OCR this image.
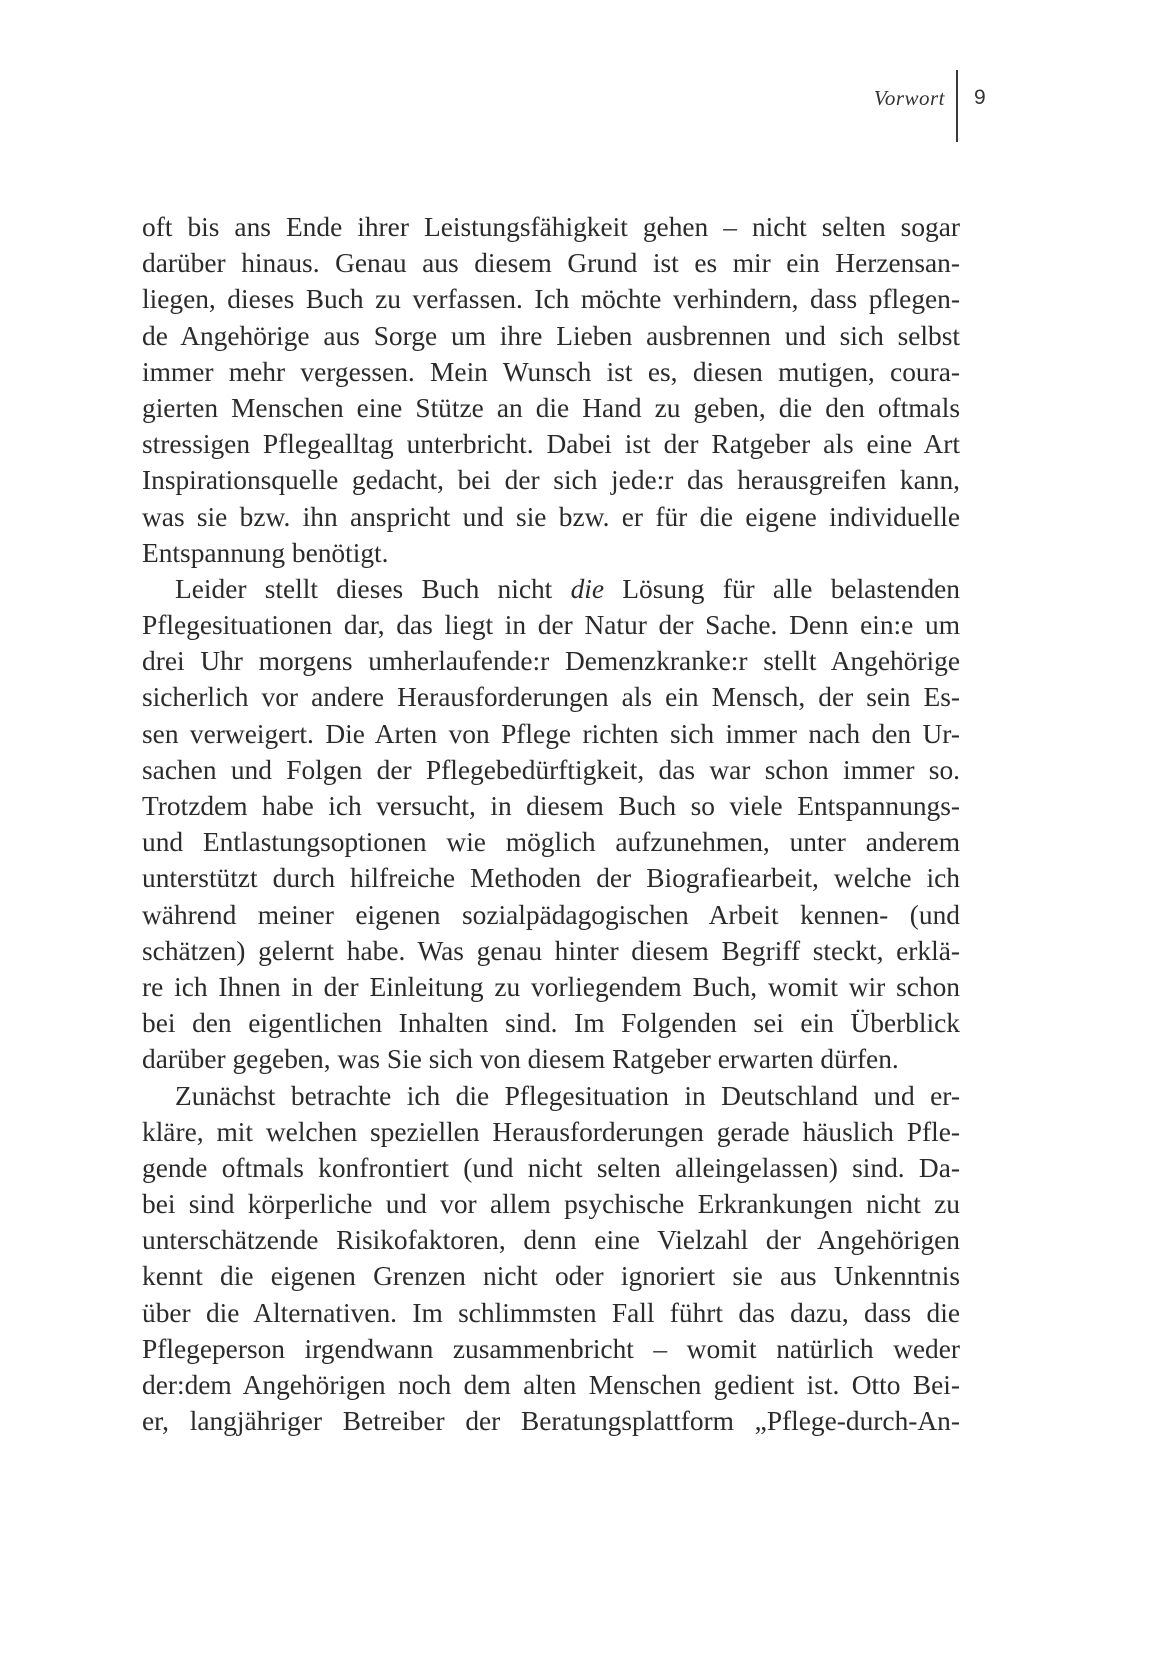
Vorwort 9
oft bis ans Ende ihrer Leistungsfähigkeit gehen – nicht selten sogar
darüber hinaus. Genau aus diesem Grund ist es mir ein Herzensan-
liegen, dieses Buch zu verfassen. Ich möchte verhindern, dass pflegen-
de Angehörige aus Sorge um ihre Lieben ausbrennen und sich selbst
immer mehr vergessen. Mein Wunsch ist es, diesen mutigen, coura-
gierten Menschen eine Stütze an die Hand zu geben, die den oftmals
stressigen Pflegealltag unterbricht. Dabei ist der Ratgeber als eine Art
Inspirationsquelle gedacht, bei der sich jede:r das herausgreifen kann,
was sie bzw. ihn anspricht und sie bzw. er für die eigene individuelle
Entspannung benötigt.
Leider stellt dieses Buch nicht die Lösung für alle belastenden
Pflegesituationen dar, das liegt in der Natur der Sache. Denn ein:e um
drei Uhr morgens umherlaufende:r Demenzkranke:r stellt Angehörige
sicherlich vor andere Herausforderungen als ein Mensch, der sein Es-
sen verweigert. Die Arten von Pflege richten sich immer nach den Ur-
sachen und Folgen der Pflegebedürftigkeit, das war schon immer so.
Trotzdem habe ich versucht, in diesem Buch so viele Entspannungs-
und Entlastungsoptionen wie möglich aufzunehmen, unter anderem
unterstützt durch hilfreiche Methoden der Biografiearbeit, welche ich
während meiner eigenen sozialpädagogischen Arbeit kennen- (und
schätzen) gelernt habe. Was genau hinter diesem Begriff steckt, erklä-
re ich Ihnen in der Einleitung zu vorliegendem Buch, womit wir schon
bei den eigentlichen Inhalten sind. Im Folgenden sei ein Überblick
darüber gegeben, was Sie sich von diesem Ratgeber erwarten dürfen.
Zunächst betrachte ich die Pflegesituation in Deutschland und er-
kläre, mit welchen speziellen Herausforderungen gerade häuslich Pfle-
gende oftmals konfrontiert (und nicht selten alleingelassen) sind. Da-
bei sind körperliche und vor allem psychische Erkrankungen nicht zu
unterschätzende Risikofaktoren, denn eine Vielzahl der Angehörigen
kennt die eigenen Grenzen nicht oder ignoriert sie aus Unkenntnis
über die Alternativen. Im schlimmsten Fall führt das dazu, dass die
Pflegeperson irgendwann zusammenbricht – womit natürlich weder
der:dem Angehörigen noch dem alten Menschen gedient ist. Otto Bei-
er, langjähriger Betreiber der Beratungsplattform „Pflege-durch-An-
